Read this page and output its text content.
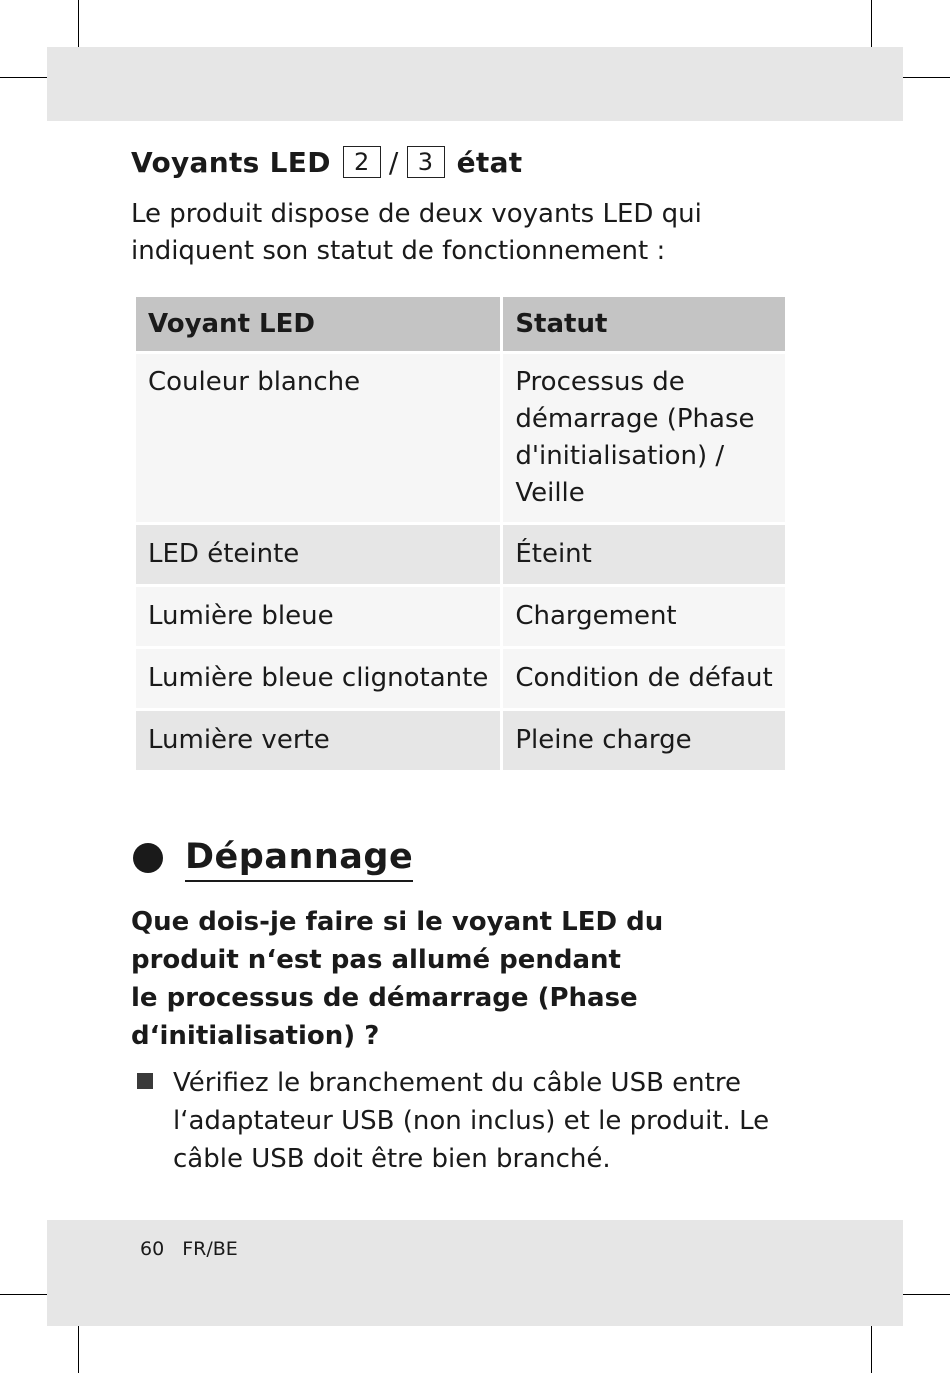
Voyants LED 2 / 3 état

Le produit dispose de deux voyants LED qui indiquent son statut de fonctionnement :

Voyant LED	Statut
Couleur blanche	Processus de
démarrage (Phase
d'initialisation) /
Veille

LED éteinte	Éteint
Lumière bleue	Chargement
Lumière bleue clignotante	Condition de défaut
Lumière verte	Pleine charge
Dépannage
Que dois-je faire si le voyant LED du
produit n‘est pas allumé pendant
le processus de démarrage (Phase
d‘initialisation) ?
Vérifiez le branchement du câble USB entre
l‘adaptateur USB (non inclus) et le produit. Le
câble USB doit être bien branché.
60 FR/BE
